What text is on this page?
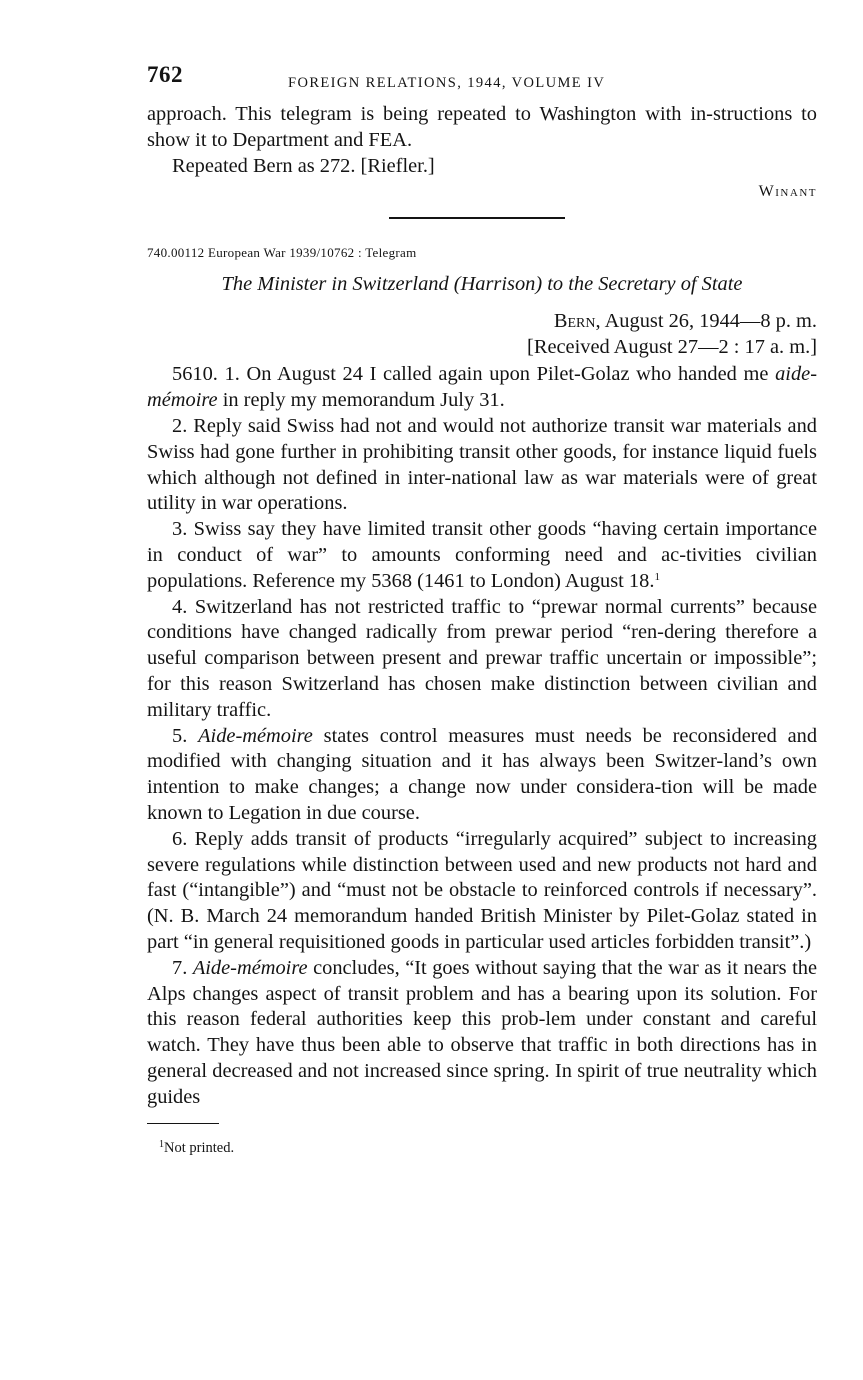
762	FOREIGN RELATIONS, 1944, VOLUME IV

approach. This telegram is being repeated to Washington with in-structions to show it to Department and FEA.

Repeated Bern as 272. [Riefler.]

Winant
740.00112 European War 1939/10762 : Telegram
The Minister in Switzerland (Harrison) to the Secretary of State
Bern, August 26, 1944—8 p. m.
[Received August 27—2 : 17 a. m.]

5610. 1. On August 24 I called again upon Pilet-Golaz who handed me aide- mémoire in reply my memorandum July 31.

2. Reply said Swiss had not and would not authorize transit war materials and Swiss had gone further in prohibiting transit other goods, for instance liquid fuels which although not defined in inter-national law as war materials were of great utility in war operations.

3. Swiss say they have limited transit other goods “having certain importance in conduct of war” to amounts conforming need and ac-tivities civilian populations. Reference my 5368 (1461 to London) August 18.$^1$

4. Switzerland has not restricted traffic to “prewar normal currents” because conditions have changed radically from prewar period “ren-dering therefore a useful comparison between present and prewar traffic uncertain or impossible”; for this reason Switzerland has chosen make distinction between civilian and military traffic.

5. Aide-mémoire states control measures must needs be reconsidered and modified with changing situation and it has always been Switzer-land’s own intention to make changes; a change now under considera-tion will be made known to Legation in due course.

6. Reply adds transit of products “irregularly acquired” subject to increasing severe regulations while distinction between used and new products not hard and fast (“intangible”) and “must not be obstacle to reinforced controls if necessary”. (N. B. March 24 memorandum handed British Minister by Pilet-Golaz stated in part “in general requisitioned goods in particular used articles forbidden transit”.)

7. Aide-mémoire concludes, “It goes without saying that the war as it nears the Alps changes aspect of transit problem and has a bearing upon its solution. For this reason federal authorities keep this prob-lem under constant and careful watch. They have thus been able to observe that traffic in both directions has in general decreased and not increased since spring. In spirit of true neutrality which guides

$^1$Not printed.
